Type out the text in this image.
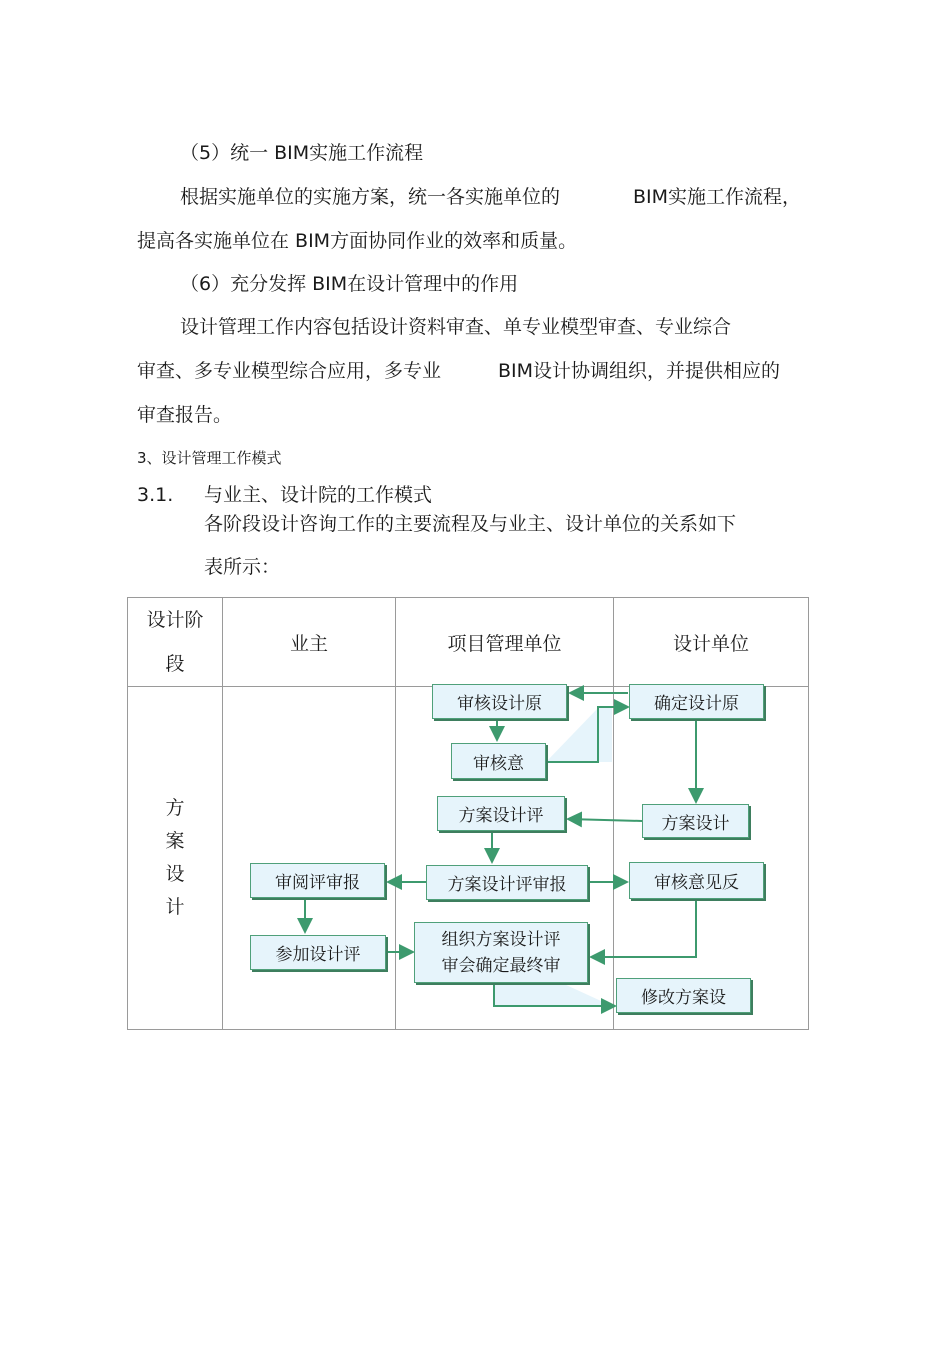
（5）统一 BIM实施工作流程
根据实施单位的实施方案，统一各实施单位的	BIM实施工作流程，
提高各实施单位在 BIM方面协同作业的效率和质量。
（6）充分发挥 BIM在设计管理中的作用
设计管理工作内容包括设计资料审查、单专业模型审查、专业综合
审查、多专业模型综合应用，多专业	BIM设计协调组织，并提供相应的
审查报告。
3、设计管理工作模式
3.1. 与业主、设计院的工作模式
各阶段设计咨询工作的主要流程及与业主、设计单位的关系如下
表所示：
设计阶段	业主	项目管理单位	设计单位
方案设计			
审核设计原	确定设计原
审核意
方案设计评	方案设计
审阅评审报	方案设计评审报	审核意见反
参加设计评
组织方案设计评
审会确定最终审
修改方案设
